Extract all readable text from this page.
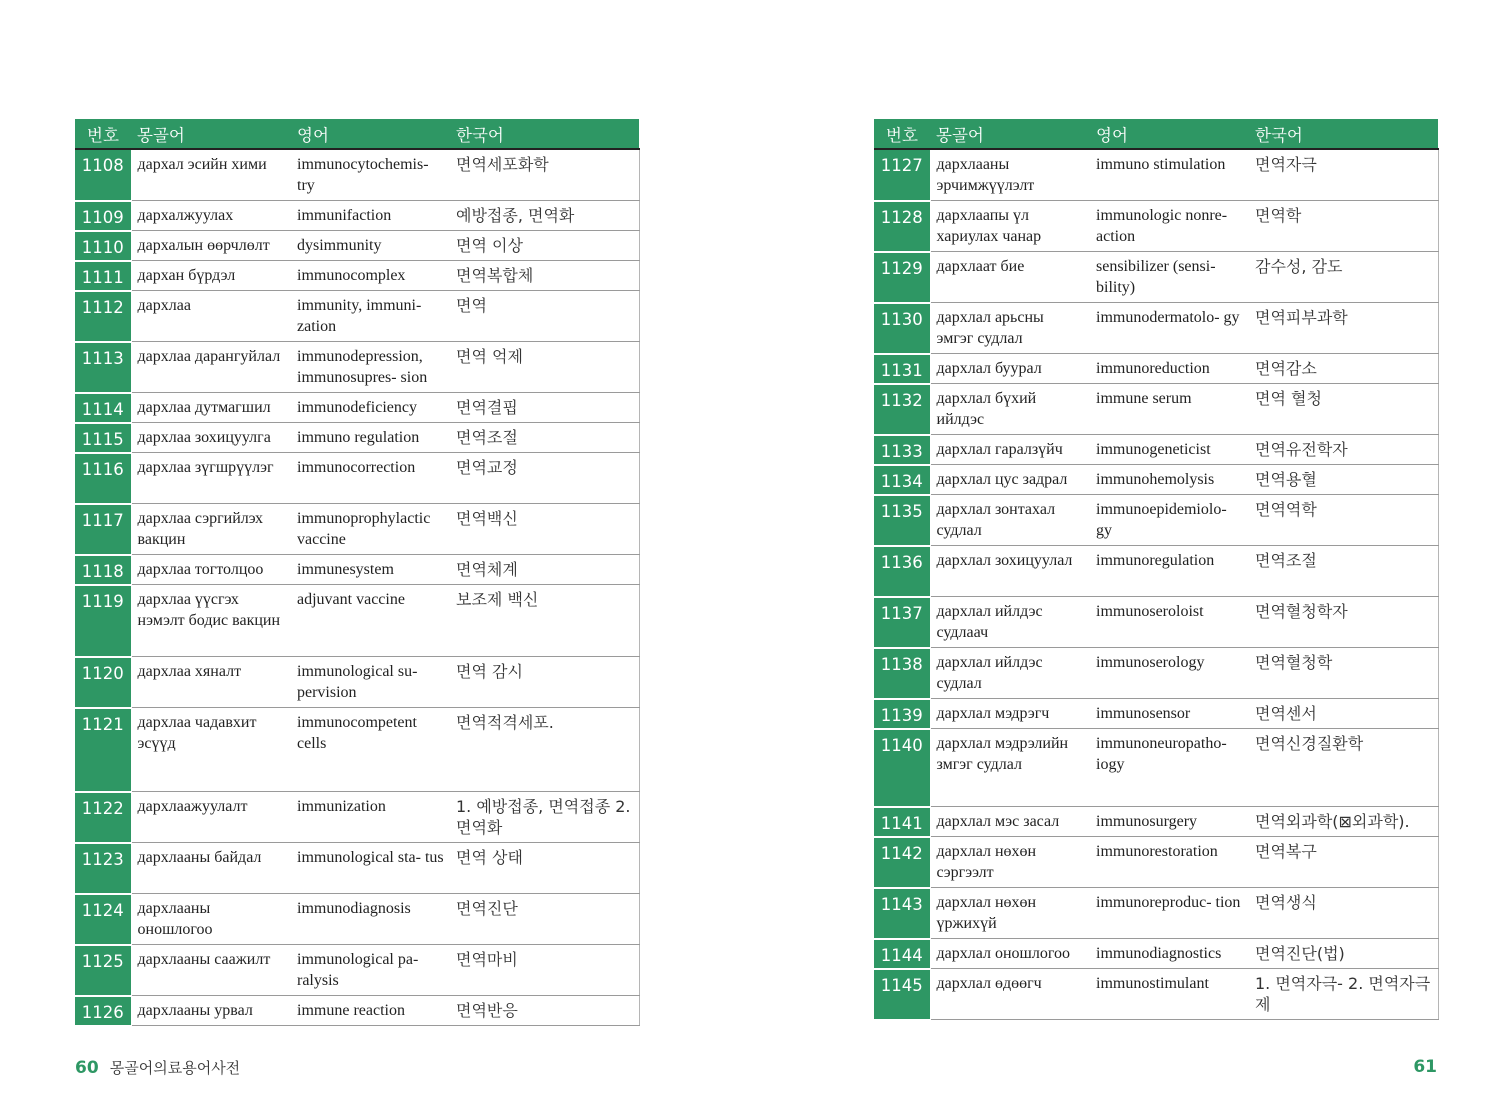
번호	몽골어	영어	한국어
1108	дархал эсийн хими	immunocytochemis- try	면역세포화학
1109	дархалжуулах	immunifaction	예방접종, 면역화
1110	дархалын өөрчлөлт	dysimmunity	면역 이상
1111	дархан бүрдэл	immunocomplex	면역복합체
1112	дархлаа	immunity, immuni- zation	면역
1113	дархлаа дарангуйлал	immunodepression, immunosupres- sion	면역 억제
1114	дархлаа дутмагшил	immunodeficiency	면역결핍
1115	дархлаа зохицуулга	immuno regulation	면역조절
1116	дархлаа зүгшрүүлэг	immunocorrection	면역교정
1117	дархлаа сэргийлэх вакцин	immunoprophylactic vaccine	면역백신
1118	дархлаа тогтолцоо	immunesystem	면역체계
1119	дархлаа үүсгэх нэмэлт бодис вакцин	adjuvant vaccine	보조제 백신
1120	дархлаа хяналт	immunological su- pervision	면역 감시
1121	дархлаа чадавхит эсүүд	immunocompetent cells	면역적격세포.
1122	дархлаажуулалт	immunization	1. 예방접종, 면역접종 2. 면역화
1123	дархлааны байдал	immunological sta- tus	면역 상태
1124	дархлааны оношлогоо	immunodiagnosis	면역진단
1125	дархлааны саажилт	immunological pa- ralysis	면역마비
1126	дархлааны урвал	immune reaction	면역반응
번호	몽골어	영어	한국어
1127	дархлааны эрчимжүүлэлт	immuno stimulation	면역자극
1128	дархлаапы үл хариулах чанар	immunologic nonre- action	면역학
1129	дархлаат бие	sensibilizer (sensi- bility)	감수성, 감도
1130	дархлал арьсны эмгэг судлал	immunodermatolo- gy	면역피부과학
1131	дархлал буурал	immunoreduction	면역감소
1132	дархлал бүхий ийлдэс	immune serum	면역 혈청
1133	дархлал гаралзүйч	immunogeneticist	면역유전학자
1134	дархлал цус задрал	immunohemolysis	면역용혈
1135	дархлал зонтахал судлал	immunoepidemiolo- gy	면역역학
1136	дархлал зохицуулал	immunoregulation	면역조절
1137	дархлал ийлдэс судлаач	immunoseroloist	면역혈청학자
1138	дархлал ийлдэс судлал	immunoserology	면역혈청학
1139	дархлал мэдрэгч	immunosensor	면역센서
1140	дархлал мэдрэлийн змгэг судлал	immunoneuropatho- iogy	면역신경질환학
1141	дархлал мэс засал	immunosurgery	면역외과학(⊠외과학).
1142	дархлал нөхөн сэргээлт	immunorestoration	면역복구
1143	дархлал нөхөн үржихүй	immunoreproduc- tion	면역생식
1144	дархлал оношлогоо	immunodiagnostics	면역진단(법)
1145	дархлал өдөөгч	immunostimulant	1. 면역자극- 2. 면역자극제
60 몽골어의료용어사전	61
